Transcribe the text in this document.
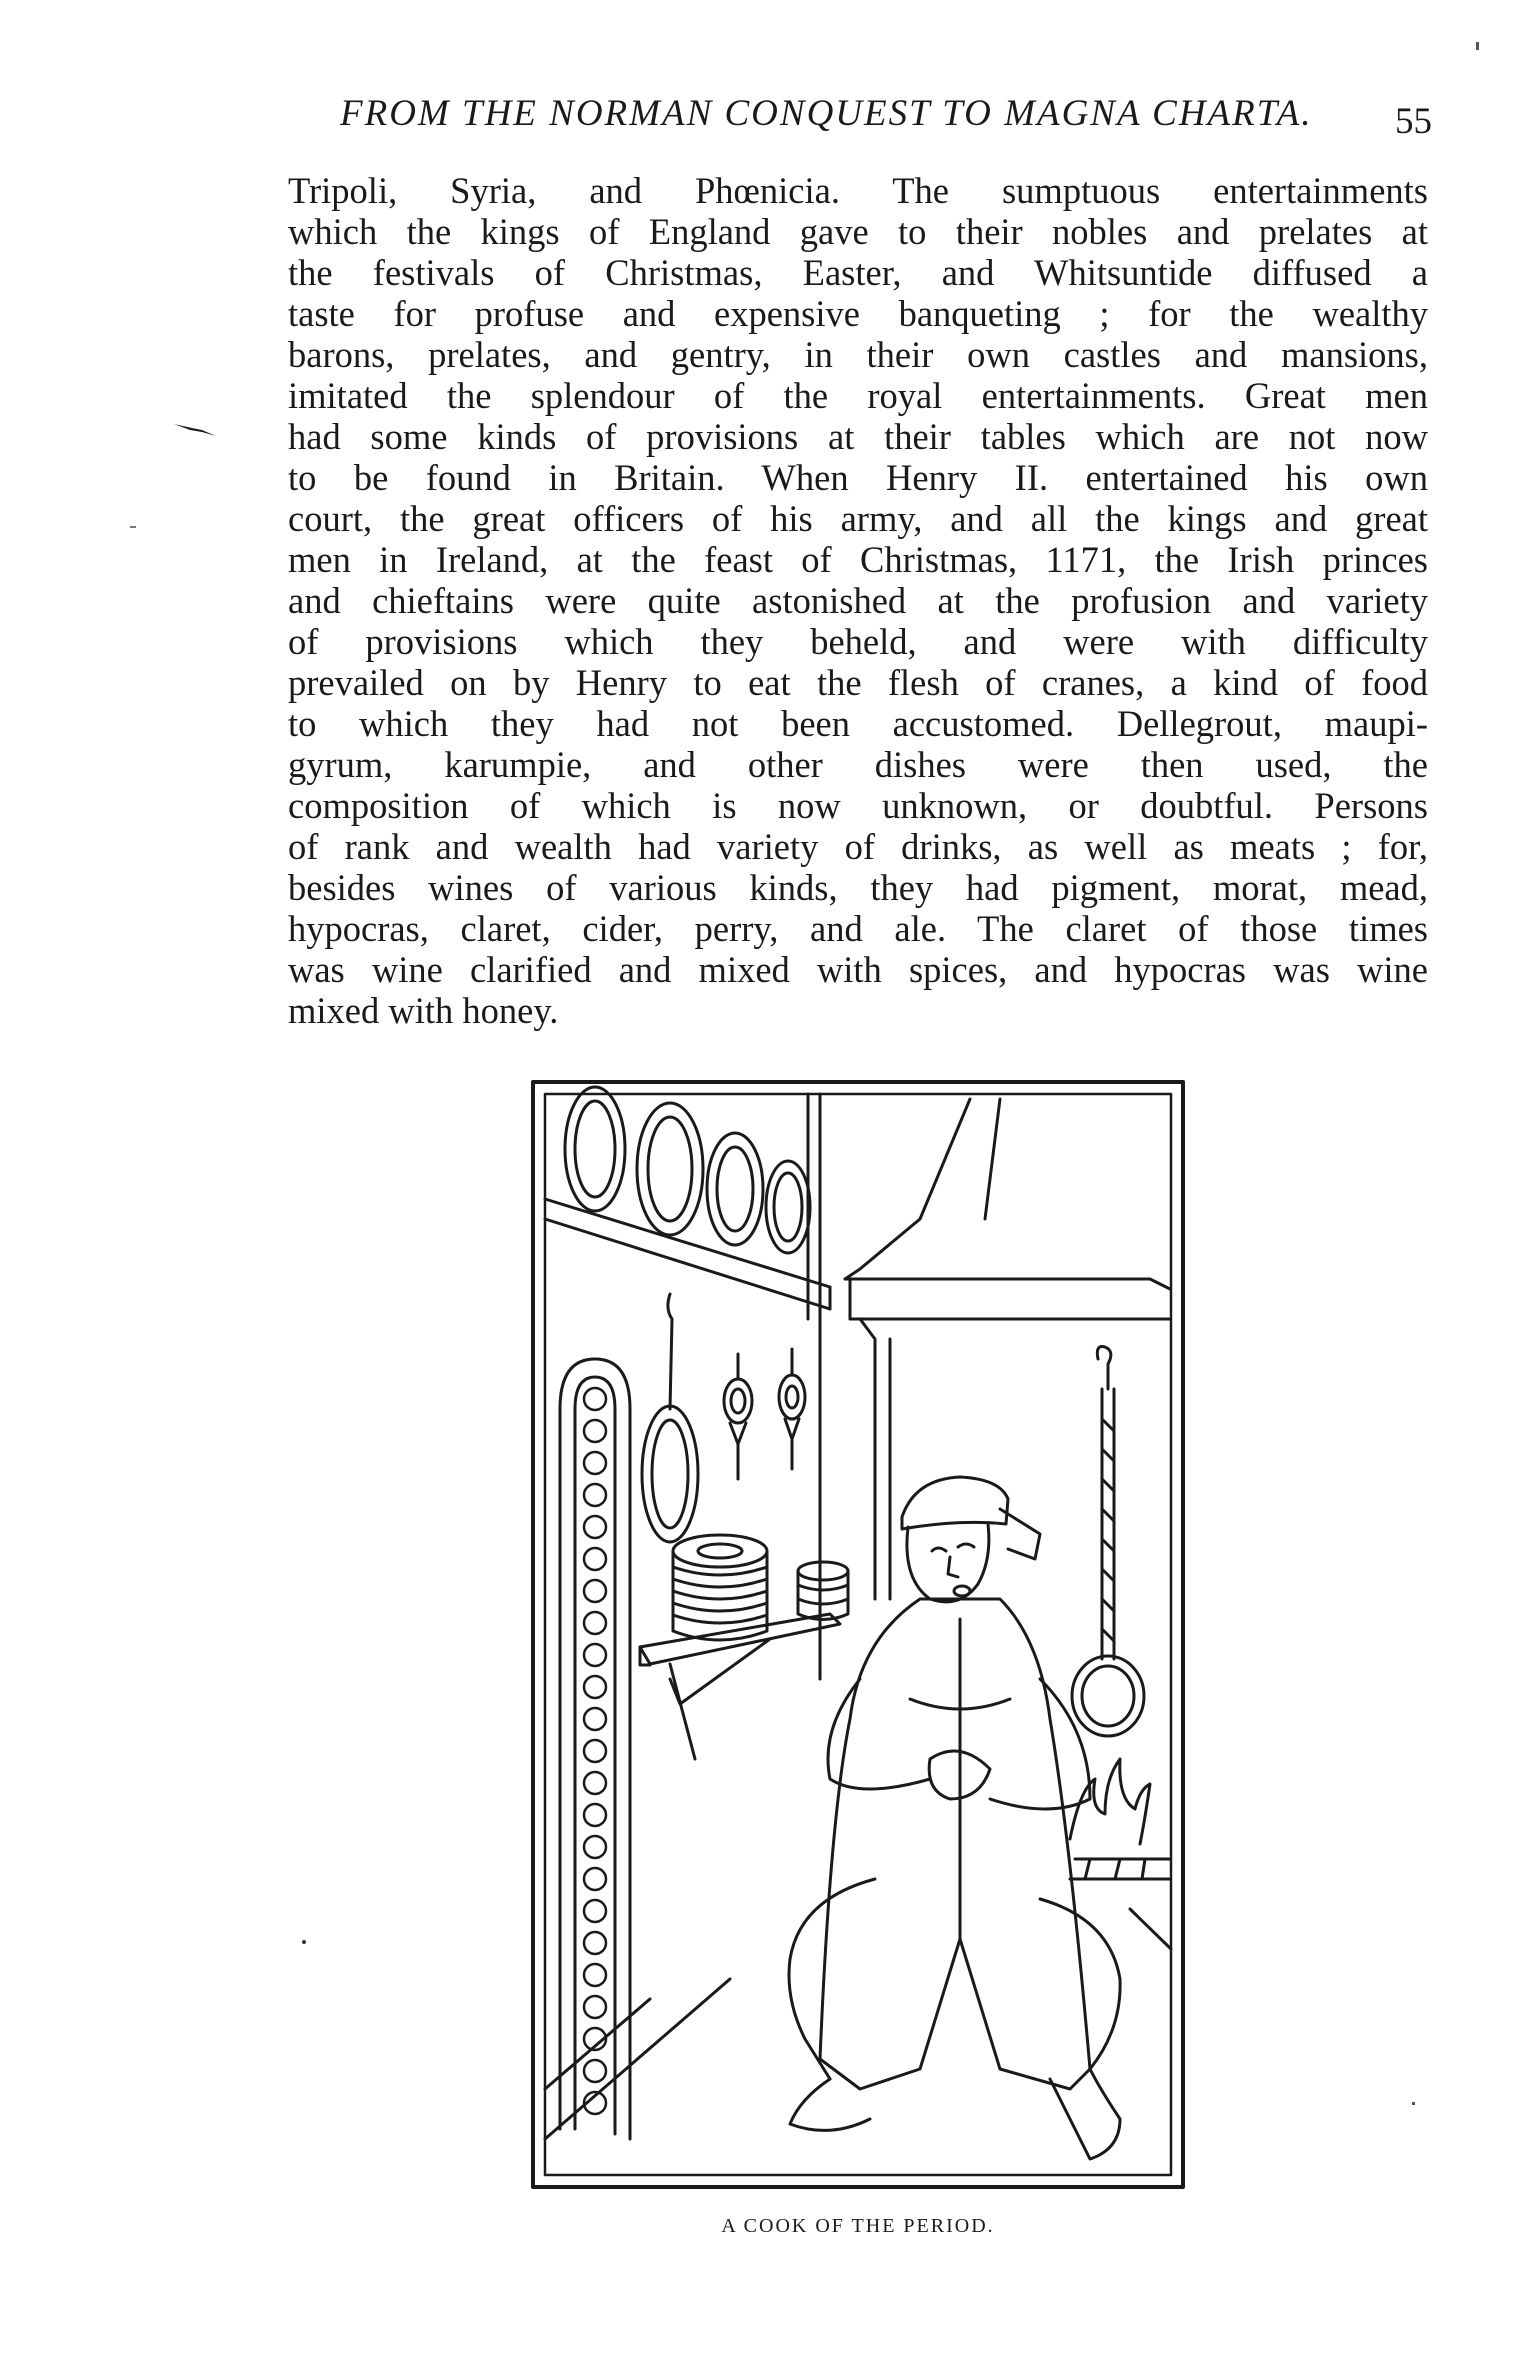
FROM THE NORMAN CONQUEST TO MAGNA CHARTA. 55
Tripoli, Syria, and Phœnicia. The sumptuous entertainments
which the kings of England gave to their nobles and prelates at
the festivals of Christmas, Easter, and Whitsuntide diffused a
taste for profuse and expensive banqueting ; for the wealthy
barons, prelates, and gentry, in their own castles and mansions,
imitated the splendour of the royal entertainments. Great men
had some kinds of provisions at their tables which are not now
to be found in Britain. When Henry II. entertained his own
court, the great officers of his army, and all the kings and great
men in Ireland, at the feast of Christmas, 1171, the Irish princes
and chieftains were quite astonished at the profusion and variety
of provisions which they beheld, and were with difficulty
prevailed on by Henry to eat the flesh of cranes, a kind of food
to which they had not been accustomed. Dellegrout, maupi-
gyrum, karumpie, and other dishes were then used, the
composition of which is now unknown, or doubtful. Persons
of rank and wealth had variety of drinks, as well as meats ; for,
besides wines of various kinds, they had pigment, morat, mead,
hypocras, claret, cider, perry, and ale. The claret of those times
was wine clarified and mixed with spices, and hypocras was wine
mixed with honey.
A COOK OF THE PERIOD.
